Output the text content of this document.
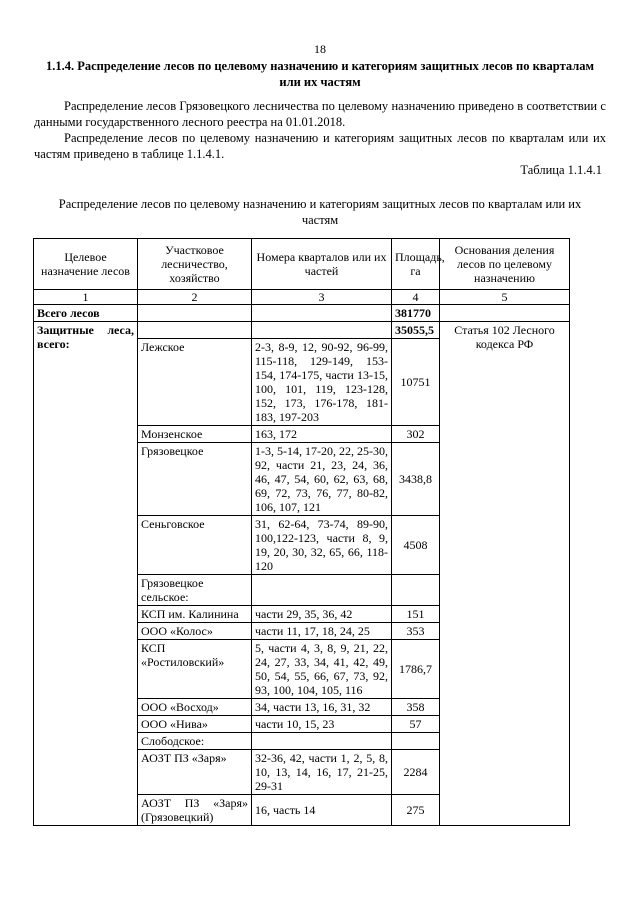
18
1.1.4. Распределение лесов по целевому назначению и категориям защитных лесов по кварталам или их частям
Распределение лесов Грязовецкого лесничества по целевому назначению приведено в соответствии с данными государственного лесного реестра на 01.01.2018.
Распределение лесов по целевому назначению и категориям защитных лесов по кварталам или их частям приведено в таблице 1.1.4.1.
Таблица 1.1.4.1
Распределение лесов по целевому назначению и категориям защитных лесов по кварталам или их частям
Целевое назначение лесов	Участковое лесничество, хозяйство	Номера кварталов или их частей	Площадь, га	Основания деления лесов по целевому назначению
1	2	3	4	5
Всего лесов			381770	
Защитные леса, всего:			35055,5	Статья 102 Лесного кодекса РФ
	Лежское	2-3, 8-9, 12, 90-92, 96-99, 115-118, 129-149, 153-154, 174-175, части 13-15, 100, 101, 119, 123-128, 152, 173, 176-178, 181-183, 197-203	10751	
	Монзенское	163, 172	302	
	Грязовецкое	1-3, 5-14, 17-20, 22, 25-30, 92, части 21, 23, 24, 36, 46, 47, 54, 60, 62, 63, 68, 69, 72, 73, 76, 77, 80-82, 106, 107, 121	3438,8	
	Сеньговское	31, 62-64, 73-74, 89-90, 100,122-123, части 8, 9, 19, 20, 30, 32, 65, 66, 118-120	4508	
	Грязовецкое сельское:			
	КСП им. Калинина	части 29, 35, 36, 42	151	
	ООО «Колос»	части 11, 17, 18, 24, 25	353	
	КСП «Ростиловский»	5, части 4, 3, 8, 9, 21, 22, 24, 27, 33, 34, 41, 42, 49, 50, 54, 55, 66, 67, 73, 92, 93, 100, 104, 105, 116	1786,7	
	ООО «Восход»	34, части 13, 16, 31, 32	358	
	ООО «Нива»	части 10, 15, 23	57	
	Слободское:			
	АОЗТ ПЗ «Заря»	32-36, 42, части 1, 2, 5, 8, 10, 13, 14, 16, 17, 21-25, 29-31	2284	
	АОЗТ ПЗ «Заря» (Грязовецкий)	16, часть 14	275	
